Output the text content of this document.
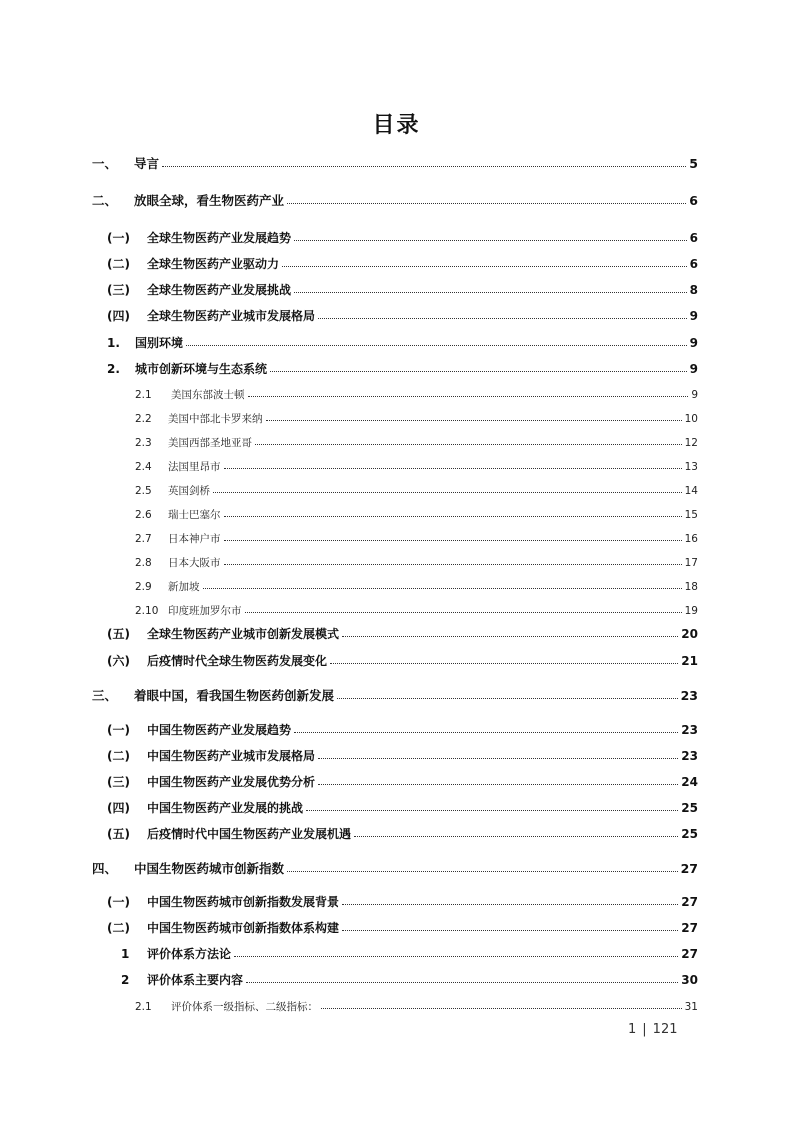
目录
一、	导言	5
二、	放眼全球，看生物医药产业	6
(一)	全球生物医药产业发展趋势	6
(二)	全球生物医药产业驱动力	6
(三)	全球生物医药产业发展挑战	8
(四)	全球生物医药产业城市发展格局	9
1.	国别环境	9
2.	城市创新环境与生态系统	9
2.1	美国东部波士顿	9
2.2	美国中部北卡罗来纳	10
2.3	美国西部圣地亚哥	12
2.4	法国里昂市	13
2.5	英国剑桥	14
2.6	瑞士巴塞尔	15
2.7	日本神户市	16
2.8	日本大阪市	17
2.9	新加坡	18
2.10 印度班加罗尔市	19
(五)	全球生物医药产业城市创新发展模式	20
(六)	后疫情时代全球生物医药发展变化	21
三、	着眼中国，看我国生物医药创新发展	23
(一)	中国生物医药产业发展趋势	23
(二)	中国生物医药产业城市发展格局	23
(三)	中国生物医药产业发展优势分析	24
(四)	中国生物医药产业发展的挑战	25
(五)	后疫情时代中国生物医药产业发展机遇	25
四、	中国生物医药城市创新指数	27
(一)	中国生物医药城市创新指数发展背景	27
(二)	中国生物医药城市创新指数体系构建	27
1	评价体系方法论	27
2	评价体系主要内容	30
2.1	评价体系一级指标、二级指标：	31
1 | 121
